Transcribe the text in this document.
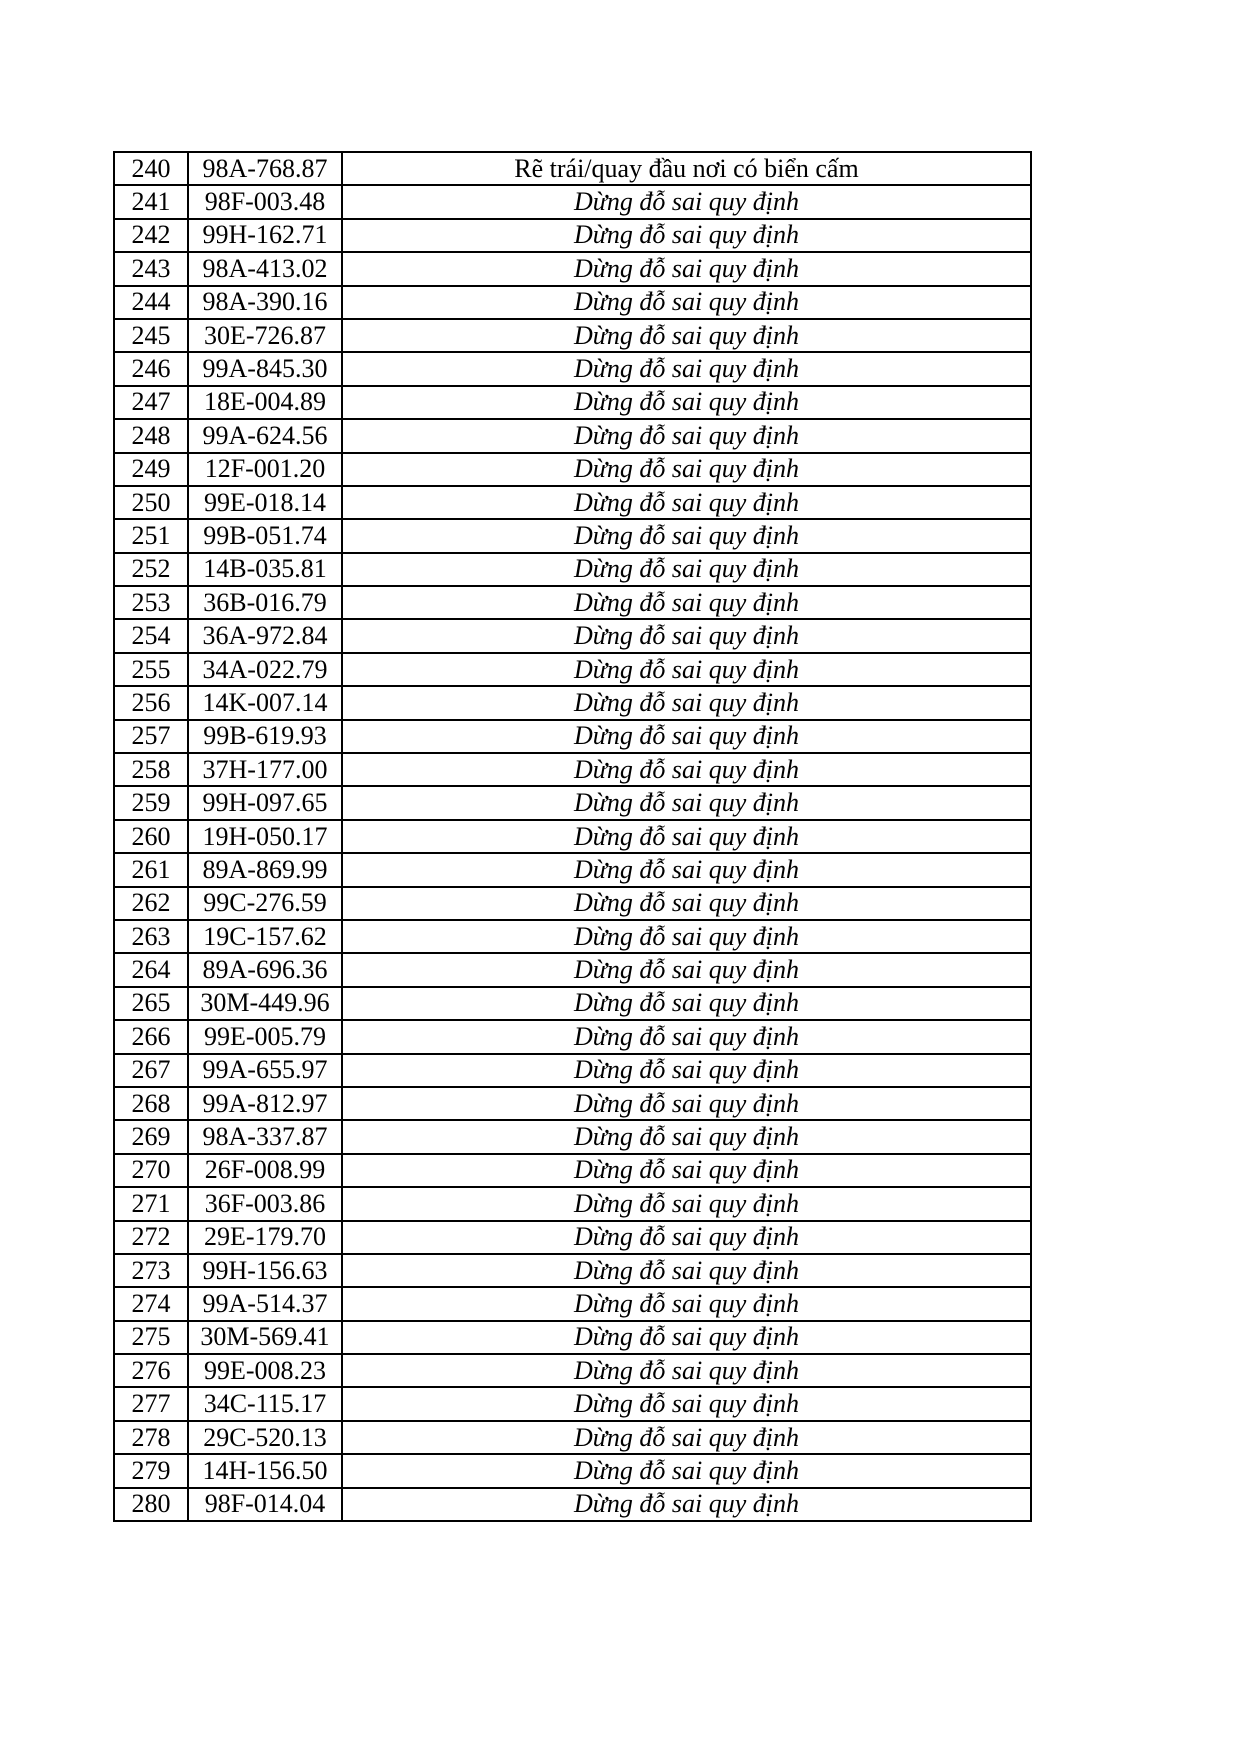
240	98A-768.87	Rẽ trái/quay đầu nơi có biển cấm
241	98F-003.48	Dừng đỗ sai quy định
242	99H-162.71	Dừng đỗ sai quy định
243	98A-413.02	Dừng đỗ sai quy định
244	98A-390.16	Dừng đỗ sai quy định
245	30E-726.87	Dừng đỗ sai quy định
246	99A-845.30	Dừng đỗ sai quy định
247	18E-004.89	Dừng đỗ sai quy định
248	99A-624.56	Dừng đỗ sai quy định
249	12F-001.20	Dừng đỗ sai quy định
250	99E-018.14	Dừng đỗ sai quy định
251	99B-051.74	Dừng đỗ sai quy định
252	14B-035.81	Dừng đỗ sai quy định
253	36B-016.79	Dừng đỗ sai quy định
254	36A-972.84	Dừng đỗ sai quy định
255	34A-022.79	Dừng đỗ sai quy định
256	14K-007.14	Dừng đỗ sai quy định
257	99B-619.93	Dừng đỗ sai quy định
258	37H-177.00	Dừng đỗ sai quy định
259	99H-097.65	Dừng đỗ sai quy định
260	19H-050.17	Dừng đỗ sai quy định
261	89A-869.99	Dừng đỗ sai quy định
262	99C-276.59	Dừng đỗ sai quy định
263	19C-157.62	Dừng đỗ sai quy định
264	89A-696.36	Dừng đỗ sai quy định
265	30M-449.96	Dừng đỗ sai quy định
266	99E-005.79	Dừng đỗ sai quy định
267	99A-655.97	Dừng đỗ sai quy định
268	99A-812.97	Dừng đỗ sai quy định
269	98A-337.87	Dừng đỗ sai quy định
270	26F-008.99	Dừng đỗ sai quy định
271	36F-003.86	Dừng đỗ sai quy định
272	29E-179.70	Dừng đỗ sai quy định
273	99H-156.63	Dừng đỗ sai quy định
274	99A-514.37	Dừng đỗ sai quy định
275	30M-569.41	Dừng đỗ sai quy định
276	99E-008.23	Dừng đỗ sai quy định
277	34C-115.17	Dừng đỗ sai quy định
278	29C-520.13	Dừng đỗ sai quy định
279	14H-156.50	Dừng đỗ sai quy định
280	98F-014.04	Dừng đỗ sai quy định
